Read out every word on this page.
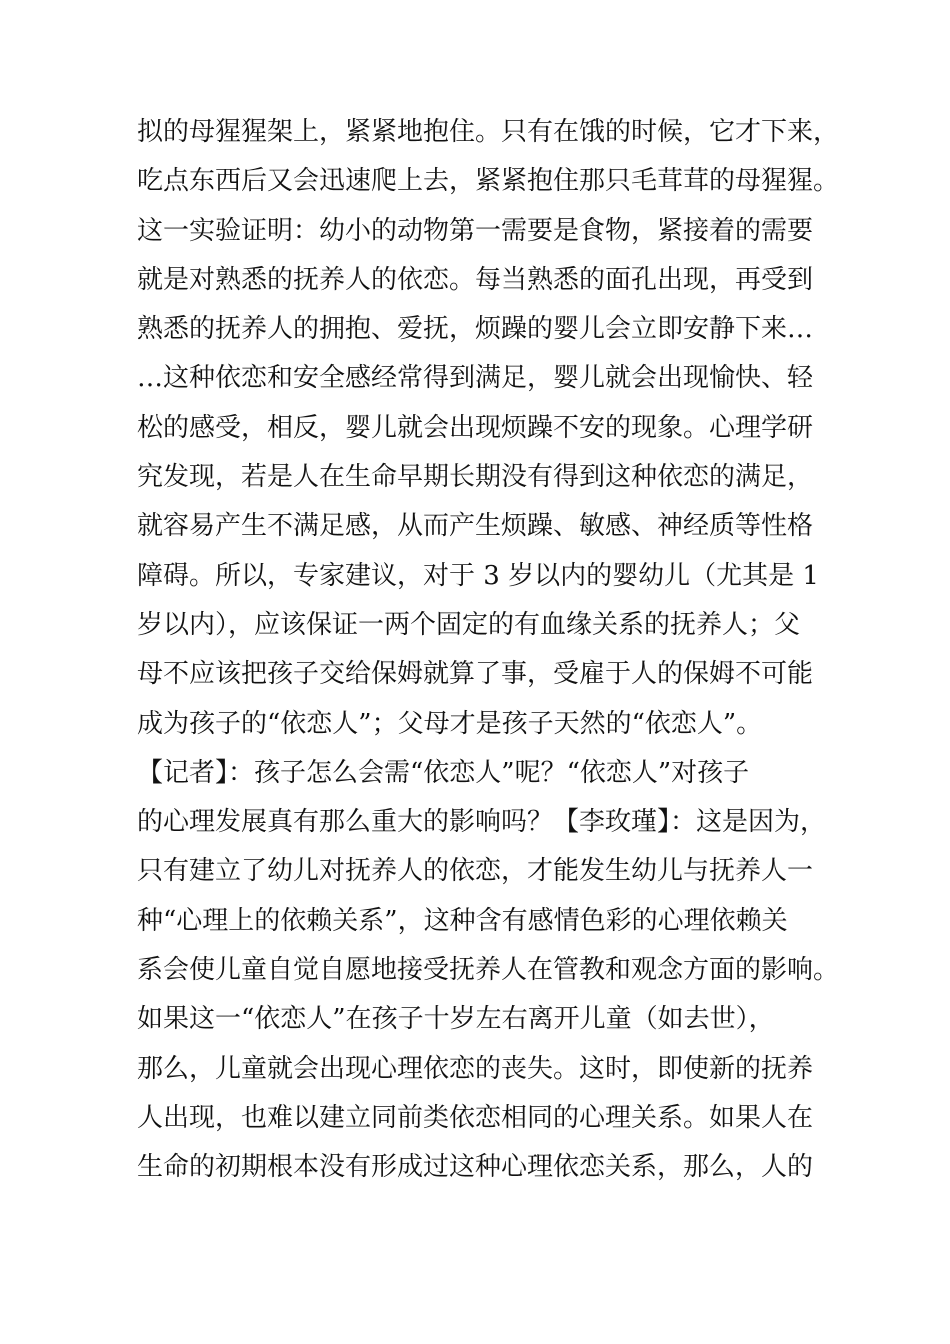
拟的母猩猩架上，紧紧地抱住。只有在饿的时候，它才下来，
吃点东西后又会迅速爬上去，紧紧抱住那只毛茸茸的母猩猩。
这一实验证明：幼小的动物第一需要是食物，紧接着的需要
就是对熟悉的抚养人的依恋。每当熟悉的面孔出现，再受到
熟悉的抚养人的拥抱、爱抚，烦躁的婴儿会立即安静下来…
…这种依恋和安全感经常得到满足，婴儿就会出现愉快、轻
松的感受，相反，婴儿就会出现烦躁不安的现象。心理学研
究发现，若是人在生命早期长期没有得到这种依恋的满足，
就容易产生不满足感，从而产生烦躁、敏感、神经质等性格
障碍。所以，专家建议，对于 3 岁以内的婴幼儿（尤其是 1
岁以内），应该保证一两个固定的有血缘关系的抚养人；父
母不应该把孩子交给保姆就算了事，受雇于人的保姆不可能
成为孩子的“依恋人”；父母才是孩子天然的“依恋人”。
【记者】：孩子怎么会需“依恋人”呢？“依恋人”对孩子
的心理发展真有那么重大的影响吗？【李玫瑾】：这是因为，
只有建立了幼儿对抚养人的依恋，才能发生幼儿与抚养人一
种“心理上的依赖关系”，这种含有感情色彩的心理依赖关
系会使儿童自觉自愿地接受抚养人在管教和观念方面的影响。
如果这一“依恋人”在孩子十岁左右离开儿童（如去世），
那么，儿童就会出现心理依恋的丧失。这时，即使新的抚养
人出现，也难以建立同前类依恋相同的心理关系。如果人在
生命的初期根本没有形成过这种心理依恋关系，那么，人的
